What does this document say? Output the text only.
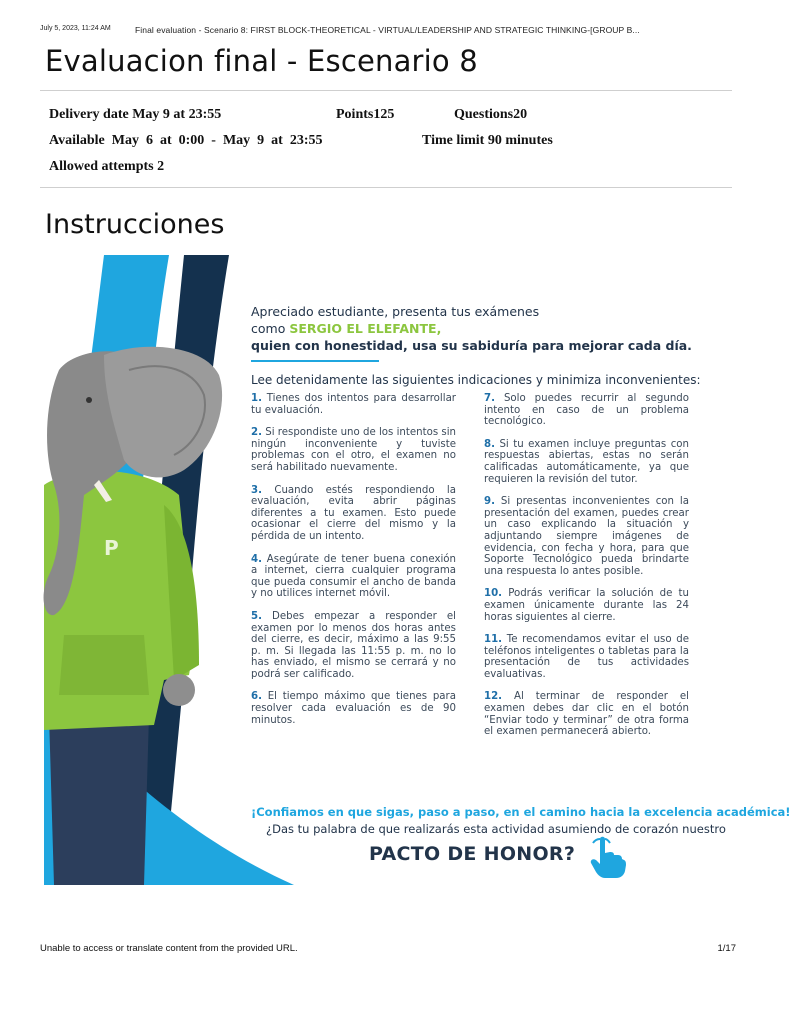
July 5, 2023, 11:24 AM	Final evaluation - Scenario 8: FIRST BLOCK-THEORETICAL - VIRTUAL/LEADERSHIP AND STRATEGIC THINKING-[GROUP B...
Evaluacion final - Escenario 8
Delivery date May 9 at 23:55	Points125	Questions20
Available  May  6  at  0:00  -  May  9  at  23:55	Time limit 90 minutes
Allowed attempts 2
Instrucciones
P
Apreciado estudiante, presenta tus exámenes
como SERGIO EL ELEFANTE,
quien con honestidad, usa su sabiduría para mejorar cada día.
Lee detenidamente las siguientes indicaciones y minimiza inconvenientes:
1. Tienes dos intentos para desarrollar tu evaluación.
2. Si respondiste uno de los intentos sin ningún inconveniente y tuviste problemas con el otro, el examen no será habilitado nuevamente.
3. Cuando estés respondiendo la evaluación, evita abrir páginas diferentes a tu examen. Esto puede ocasionar el cierre del mismo y la pérdida de un intento.
4. Asegúrate de tener buena conexión a internet, cierra cualquier programa que pueda consumir el ancho de banda y no utilices internet móvil.
5. Debes empezar a responder el examen por lo menos dos horas antes del cierre, es decir, máximo a las 9:55 p. m. Si llegada las 11:55 p. m. no lo has enviado, el mismo se cerrará y no podrá ser calificado.
6. El tiempo máximo que tienes para resolver cada evaluación es de 90 minutos.
7. Solo puedes recurrir al segundo intento en caso de un problema tecnológico.
8. Si tu examen incluye preguntas con respuestas abiertas, estas no serán calificadas automáticamente, ya que requieren la revisión del tutor.
9. Si presentas inconvenientes con la presentación del examen, puedes crear un caso explicando la situación y adjuntando siempre imágenes de evidencia, con fecha y hora, para que Soporte Tecnológico pueda brindarte una respuesta lo antes posible.
10. Podrás verificar la solución de tu examen únicamente durante las 24 horas siguientes al cierre.
11. Te recomendamos evitar el uso de teléfonos inteligentes o tabletas para la presentación de tus actividades evaluativas.
12. Al terminar de responder el examen debes dar clic en el botón “Enviar todo y terminar” de otra forma el examen permanecerá abierto.
¡Confiamos en que sigas, paso a paso, en el camino hacia la excelencia académica!
¿Das tu palabra de que realizarás esta actividad asumiendo de corazón nuestro
PACTO DE HONOR?
Unable to access or translate content from the provided URL.	1/17
